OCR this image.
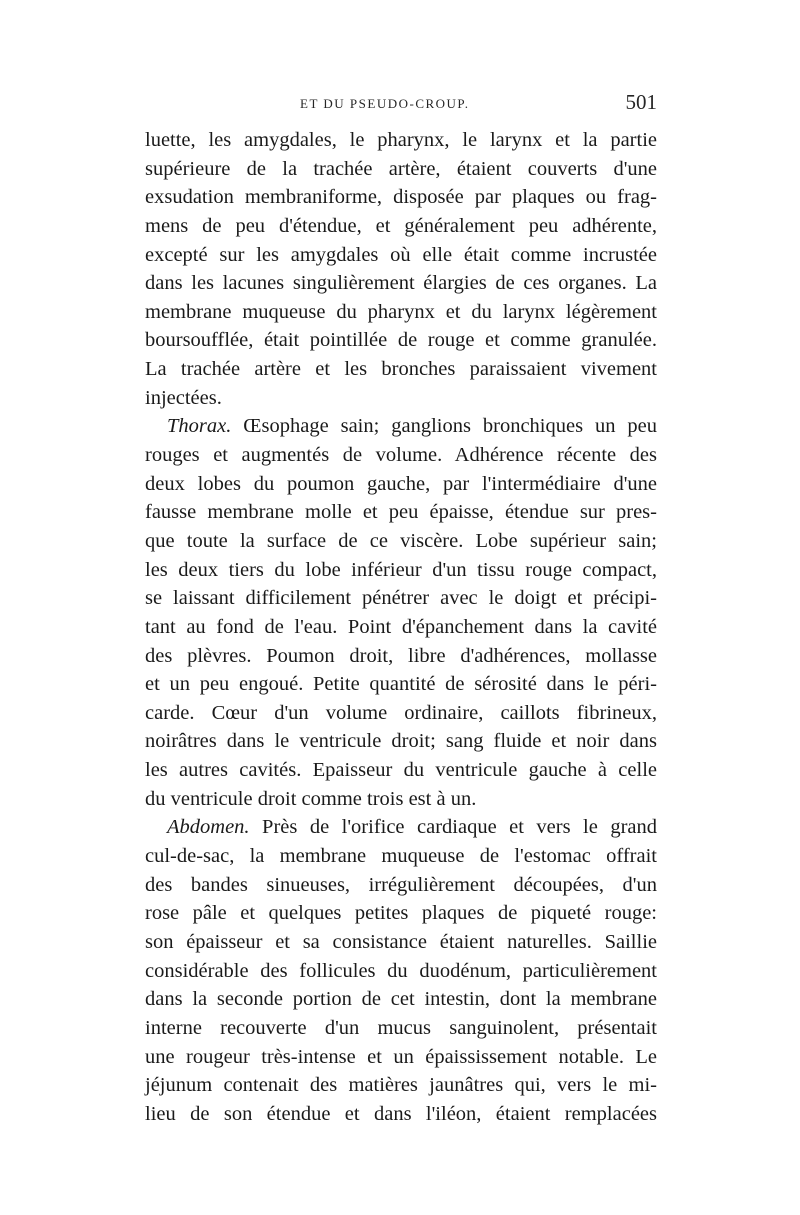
ET DU PSEUDO-CROUP.	501
luette, les amygdales, le pharynx, le larynx et la partie
supérieure de la trachée artère, étaient couverts d'une
exsudation membraniforme, disposée par plaques ou frag-
mens de peu d'étendue, et généralement peu adhérente,
excepté sur les amygdales où elle était comme incrustée
dans les lacunes singulièrement élargies de ces organes. La
membrane muqueuse du pharynx et du larynx légèrement
boursoufflée, était pointillée de rouge et comme granulée.
La trachée artère et les bronches paraissaient vivement
injectées.
Thorax. Œsophage sain; ganglions bronchiques un peu
rouges et augmentés de volume. Adhérence récente des
deux lobes du poumon gauche, par l'intermédiaire d'une
fausse membrane molle et peu épaisse, étendue sur pres-
que toute la surface de ce viscère. Lobe supérieur sain;
les deux tiers du lobe inférieur d'un tissu rouge compact,
se laissant difficilement pénétrer avec le doigt et précipi-
tant au fond de l'eau. Point d'épanchement dans la cavité
des plèvres. Poumon droit, libre d'adhérences, mollasse
et un peu engoué. Petite quantité de sérosité dans le péri-
carde. Cœur d'un volume ordinaire, caillots fibrineux,
noirâtres dans le ventricule droit; sang fluide et noir dans
les autres cavités. Epaisseur du ventricule gauche à celle
du ventricule droit comme trois est à un.
Abdomen. Près de l'orifice cardiaque et vers le grand
cul-de-sac, la membrane muqueuse de l'estomac offrait
des bandes sinueuses, irrégulièrement découpées, d'un
rose pâle et quelques petites plaques de piqueté rouge:
son épaisseur et sa consistance étaient naturelles. Saillie
considérable des follicules du duodénum, particulièrement
dans la seconde portion de cet intestin, dont la membrane
interne recouverte d'un mucus sanguinolent, présentait
une rougeur très-intense et un épaississement notable. Le
jéjunum contenait des matières jaunâtres qui, vers le mi-
lieu de son étendue et dans l'iléon, étaient remplacées
